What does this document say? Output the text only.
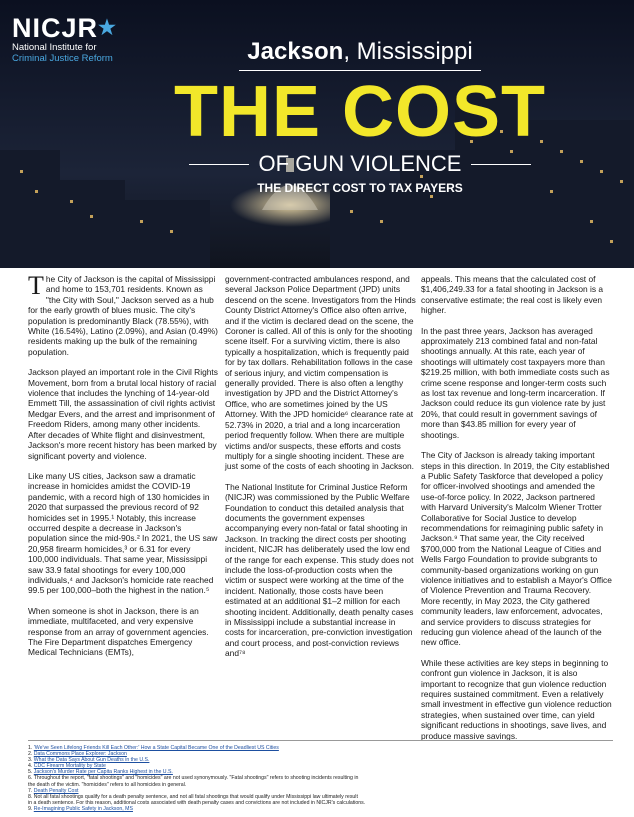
NICJR★
National Institute for
Criminal Justice Reform	Jackson, Mississippi
THE COST
OF GUN VIOLENCE
THE DIRECT COST TO TAX PAYERS

The City of Jackson is the capital of Mississippi and home to 153,701 residents. Known as "the City with Soul," Jackson served as a hub for the early growth of blues music. The city's population is predominantly Black (78.55%), with White (16.54%), Latino (2.09%), and Asian (0.49%) residents making up the bulk of the remaining population.

Jackson played an important role in the Civil Rights Movement, born from a brutal local history of racial violence that includes the lynching of 14-year-old Emmett Till, the assassination of civil rights activist Medgar Evers, and the arrest and imprisonment of Freedom Riders, among many other incidents. After decades of White flight and disinvestment, Jackson's more recent history has been marked by significant poverty and violence.

Like many US cities, Jackson saw a dramatic increase in homicides amidst the COVID-19 pandemic, with a record high of 130 homicides in 2020 that surpassed the previous record of 92 homicides set in 1995.¹ Notably, this increase occurred despite a decrease in Jackson's population since the mid-90s.² In 2021, the US saw 20,958 firearm homicides,³ or 6.31 for every 100,000 individuals. That same year, Mississippi saw 33.9 fatal shootings for every 100,000 individuals,⁴ and Jackson's homicide rate reached 99.5 per 100,000–both the highest in the nation.⁵

When someone is shot in Jackson, there is an immediate, multifaceted, and very expensive response from an array of government agencies. The Fire Department dispatches Emergency Medical Technicians (EMTs),

government-contracted ambulances respond, and several Jackson Police Department (JPD) units descend on the scene. Investigators from the Hinds County District Attorney's Office also often arrive, and if the victim is declared dead on the scene, the Coroner is called. All of this is only for the shooting scene itself. For a surviving victim, there is also typically a hospitalization, which is frequently paid for by tax dollars. Rehabilitation follows in the case of serious injury, and victim compensation is generally provided. There is also often a lengthy investigation by JPD and the District Attorney's Office, who are sometimes joined by the US Attorney. With the JPD homicide⁶ clearance rate at 52.73% in 2020, a trial and a long incarceration period frequently follow. When there are multiple victims and/or suspects, these efforts and costs multiply for a single shooting incident. These are just some of the costs of each shooting in Jackson.

The National Institute for Criminal Justice Reform (NICJR) was commissioned by the Public Welfare Foundation to conduct this detailed analysis that documents the government expenses accompanying every non-fatal or fatal shooting in Jackson. In tracking the direct costs per shooting incident, NICJR has deliberately used the low end of the range for each expense. This study does not include the loss-of-production costs when the victim or suspect were working at the time of the incident. Nationally, those costs have been estimated at an additional $1–2 million for each shooting incident. Additionally, death penalty cases in Mississippi include a substantial increase in costs for incarceration, pre-conviction investigation and court process, and post-conviction reviews and⁷⁸

appeals. This means that the calculated cost of $1,406,249.33 for a fatal shooting in Jackson is a conservative estimate; the real cost is likely even higher.

In the past three years, Jackson has averaged approximately 213 combined fatal and non-fatal shootings annually. At this rate, each year of shootings will ultimately cost taxpayers more than $219.25 million, with both immediate costs such as crime scene response and longer-term costs such as lost tax revenue and long-term incarceration. If Jackson could reduce its gun violence rate by just 20%, that could result in government savings of more than $43.85 million for every year of shootings.

The City of Jackson is already taking important steps in this direction. In 2019, the City established a Public Safety Taskforce that developed a policy for officer-involved shootings and amended the use-of-force policy. In 2022, Jackson partnered with Harvard University's Malcolm Wiener Trotter Collaborative for Social Justice to develop recommendations for reimagining public safety in Jackson.⁹ That same year, the City received $700,000 from the National League of Cities and Wells Fargo Foundation to provide subgrants to community-based organizations working on gun violence initiatives and to establish a Mayor's Office of Violence Prevention and Trauma Recovery. More recently, in May 2023, the City gathered community leaders, law enforcement, advocates, and service providers to discuss strategies for reducing gun violence ahead of the launch of the new office.

While these activities are key steps in beginning to confront gun violence in Jackson, it is also important to recognize that gun violence reduction requires sustained commitment. Even a relatively small investment in effective gun violence reduction strategies, when sustained over time, can yield significant reductions in shootings, save lives, and produce massive savings.

1. 'We've Seen Lifelong Friends Kill Each Other:' How a State Capital Became One of the Deadliest US Cities
2. Data Commons Place Explorer: Jackson
3. What the Data Says About Gun Deaths in the U.S.
4. CDC Firearm Mortality by State
5. Jackson's Murder Rate per Capita Ranks Highest in the U.S.
6. Throughout the report, "fatal shootings" and "homicides" are not used synonymously. "Fatal shootings" refers to shooting incidents resulting in
the death of the victim. "homicides" refers to all homicides in general.
7. Death Penalty Cost
8. Not all fatal shootings qualify for a death penalty sentence, and not all fatal shootings that would qualify under Mississippi law ultimately result
in a death sentence. For this reason, additional costs associated with death penalty cases and convictions are not included in NICJR's calculations.
9. Re-Imagining Public Safety in Jackson, MS
